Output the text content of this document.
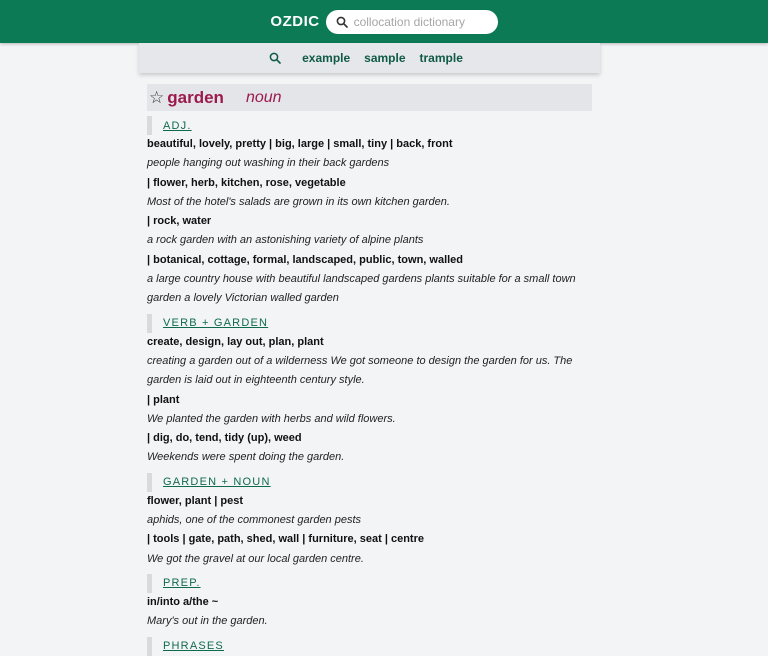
OZDIC
collocation dictionary
example sample trample
☆ garden noun
ADJ.
beautiful, lovely, pretty | big, large | small, tiny | back, front
people hanging out washing in their back gardens
| flower, herb, kitchen, rose, vegetable
Most of the hotel's salads are grown in its own kitchen garden.
| rock, water
a rock garden with an astonishing variety of alpine plants
| botanical, cottage, formal, landscaped, public, town, walled
a large country house with beautiful landscaped gardens plants suitable for a small town garden a lovely Victorian walled garden
VERB + GARDEN
create, design, lay out, plan, plant
creating a garden out of a wilderness We got someone to design the garden for us. The garden is laid out in eighteenth century style.
| plant
We planted the garden with herbs and wild flowers.
| dig, do, tend, tidy (up), weed
Weekends were spent doing the garden.
GARDEN + NOUN
flower, plant | pest
aphids, one of the commonest garden pests
| tools | gate, path, shed, wall | furniture, seat | centre
We got the gravel at our local garden centre.
PREP.
in/into a/the ~
Mary's out in the garden.
PHRASES
